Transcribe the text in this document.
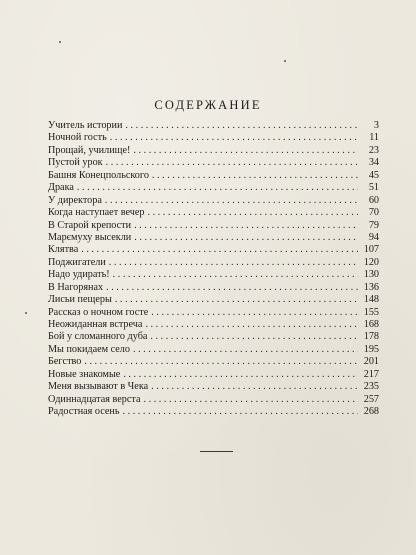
СОДЕРЖАНИЕ
Учитель истории . . .	3
Ночной гость . . .	11
Прощай, училище! . . .	23
Пустой урок . . .	34
Башня Конецпольского . . .	45
Драка . . .	51
У директора . . .	60
Когда наступает вечер . . .	70
В Старой крепости . . .	79
Марємуху высекли . . .	94
Клятва . . .	107
Поджигатели . . .	120
Надо удирать! . . .	130
В Нагорянах . . .	136
Лисьи пещеры . . .	148
Рассказ о ночном госте . . .	155
Неожиданная встреча . . .	168
Бой у сломанного дуба . . .	178
Мы покидаем село . . .	195
Бегство . . .	201
Новые знакомые . . .	217
Меня вызывают в Чека . . .	235
Одиннадцатая верста . . .	257
Радостная осень . . .	268
